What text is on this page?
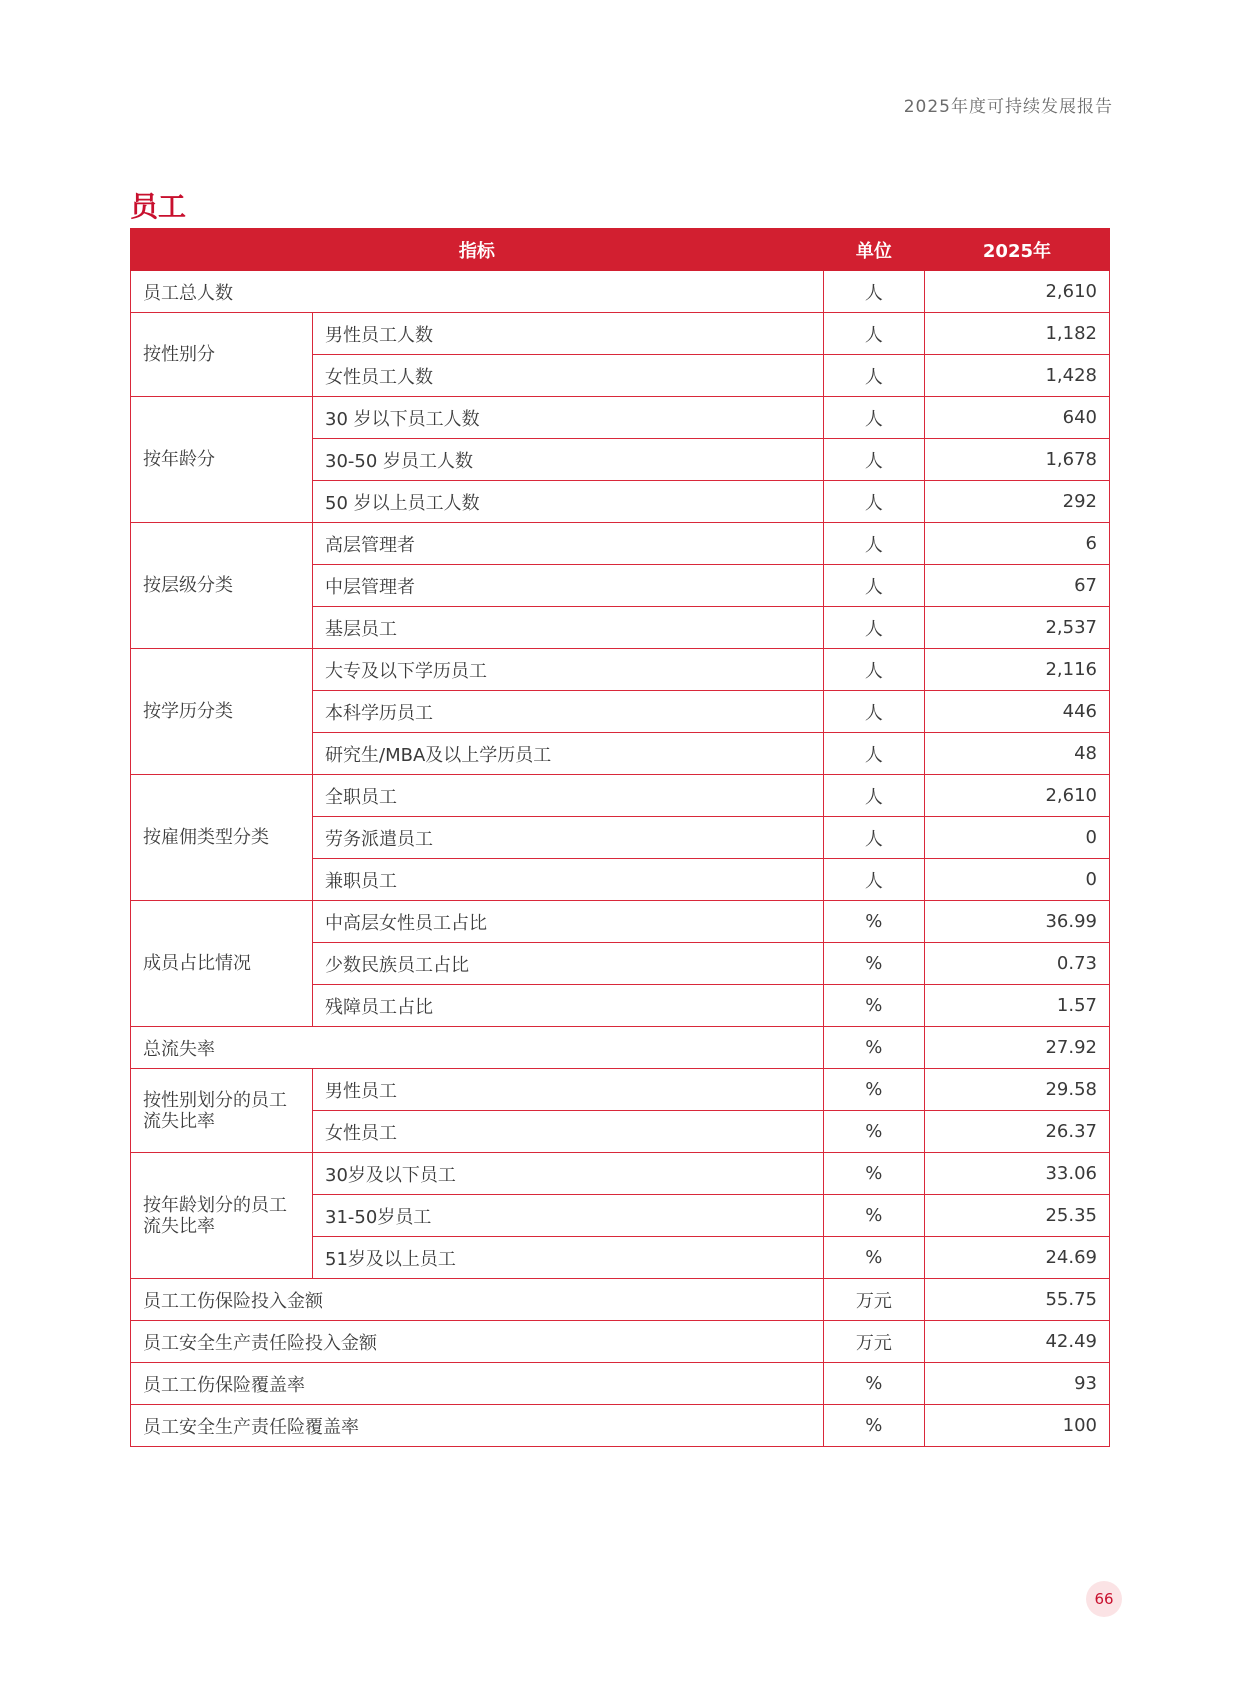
2025年度可持续发展报告
员工
指标		单位	2025年
员工总人数		人	2,610
按性别分	男性员工人数	人	1,182
	女性员工人数	人	1,428
按年龄分	30 岁以下员工人数	人	640
	30-50 岁员工人数	人	1,678
	50 岁以上员工人数	人	292
按层级分类	高层管理者	人	6
	中层管理者	人	67
	基层员工	人	2,537
按学历分类	大专及以下学历员工	人	2,116
	本科学历员工	人	446
	研究生/MBA及以上学历员工	人	48
按雇佣类型分类	全职员工	人	2,610
	劳务派遣员工	人	0
	兼职员工	人	0
成员占比情况	中高层女性员工占比	%	36.99
	少数民族员工占比	%	0.73
	残障员工占比	%	1.57
总流失率		%	27.92
按性别划分的员工流失比率	男性员工	%	29.58
	女性员工	%	26.37
按年龄划分的员工流失比率	30岁及以下员工	%	33.06
	31-50岁员工	%	25.35
	51岁及以上员工	%	24.69
员工工伤保险投入金额		万元	55.75
员工安全生产责任险投入金额		万元	42.49
员工工伤保险覆盖率		%	93
员工安全生产责任险覆盖率		%	100
66
